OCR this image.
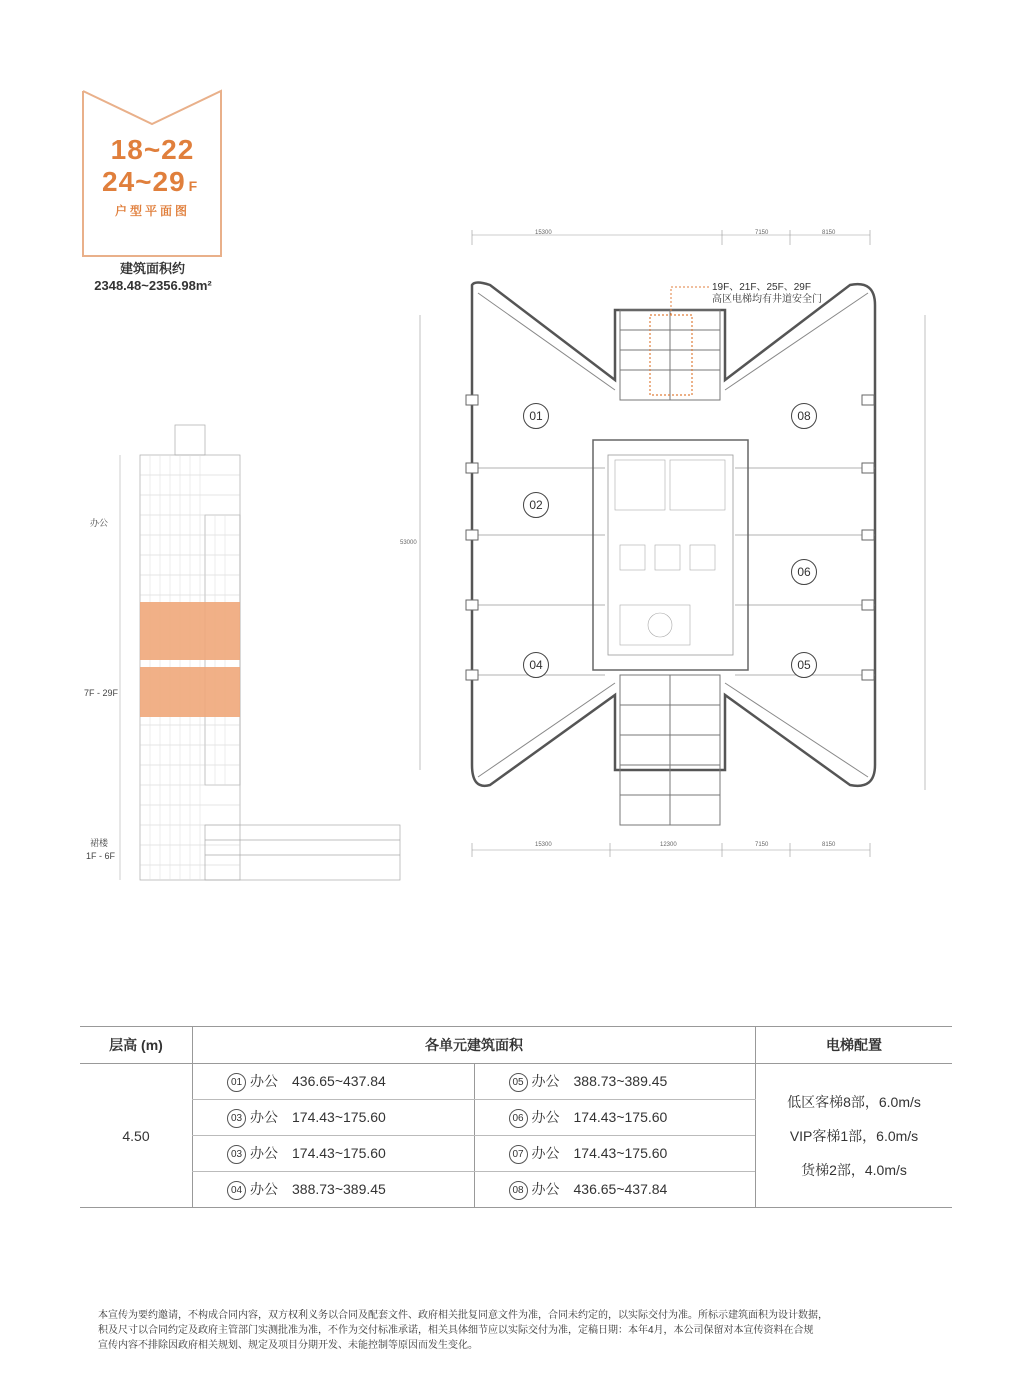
18~22
24~29 F
户型平面图
建筑面积约
2348.48~2356.98m²
办公
7F - 29F
裙楼
1F - 6F
01
02
04
08
06
05
19F、21F、25F、29F
高区电梯均有井道安全门
15300	7150	8150
15300	12300	7150	8150
53000
层高 (m)	各单元建筑面积		电梯配置
4.50	01 办公 436.65~437.84	05 办公 388.73~389.45	低区客梯8部，6.0m/s
VIP客梯1部，6.0m/s
货梯2部，4.0m/s

	03 办公 174.43~175.60	06 办公 174.43~175.60	
	03 办公 174.43~175.60	07 办公 174.43~175.60	
	04 办公 388.73~389.45	08 办公 436.65~437.84	
本宣传为要约邀请，不构成合同内容，双方权利义务以合同及配套文件、政府相关批复同意文件为准，合同未约定的，以实际交付为准。所标示建筑面积为设计数据，
积及尺寸以合同约定及政府主管部门实测批准为准，不作为交付标准承诺，相关具体细节应以实际交付为准，定稿日期：本年4月，本公司保留对本宣传资料在合规
宣传内容不排除因政府相关规划、规定及项目分期开发、未能控制等原因而发生变化。
